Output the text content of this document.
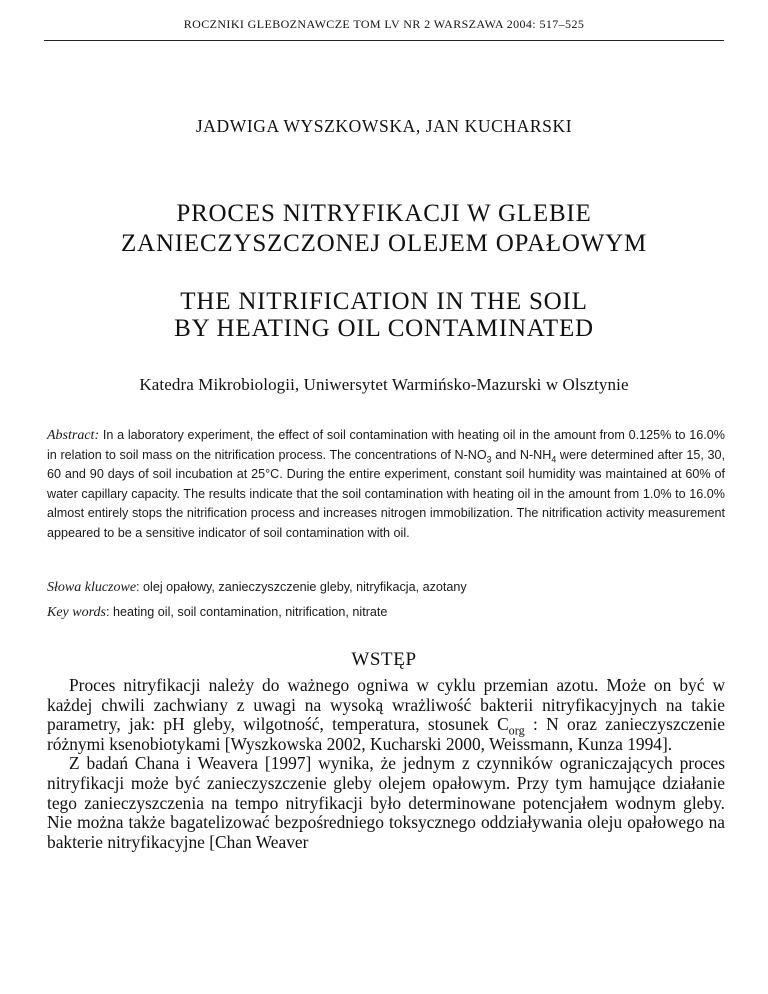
ROCZNIKI GLEBOZNAWCZE TOM LV NR 2 WARSZAWA 2004: 517–525
JADWIGA WYSZKOWSKA, JAN KUCHARSKI
PROCES NITRYFIKACJI W GLEBIE
ZANIECZYSZCZONEJ OLEJEM OPAŁOWYM
THE NITRIFICATION IN THE SOIL
BY HEATING OIL CONTAMINATED
Katedra Mikrobiologii, Uniwersytet Warmińsko-Mazurski w Olsztynie
Abstract: In a laboratory experiment, the effect of soil contamination with heating oil in the amount from 0.125% to 16.0% in relation to soil mass on the nitrification process. The concentrations of $N-NO_3$ and $N-NH_4$ were determined after 15, 30, 60 and 90 days of soil incubation at 25°C. During the entire experiment, constant soil humidity was maintained at 60% of water capillary capacity. The results indicate that the soil contamination with heating oil in the amount from 1.0% to 16.0% almost entirely stops the nitrification process and increases nitrogen immobilization. The nitrification activity measurement appeared to be a sensitive indicator of soil contamination with oil.
Słowa kluczowe: olej opałowy, zanieczyszczenie gleby, nitryfikacja, azotany
Key words: heating oil, soil contamination, nitrification, nitrate
WSTĘP

Proces nitryfikacji należy do ważnego ogniwa w cyklu przemian azotu. Może on być w każdej chwili zachwiany z uwagi na wysoką wrażliwość bakterii nitryfikacyjnych na takie parametry, jak: pH gleby, wilgotność, temperatura, stosunek $C_{org}$ : N oraz zanieczyszczenie różnymi ksenobiotykami [Wyszkowska 2002, Kucharski 2000, Weissmann, Kunza 1994].

Z badań Chana i Weavera [1997] wynika, że jednym z czynników ograniczających proces nitryfikacji może być zanieczyszczenie gleby olejem opałowym. Przy tym hamujące działanie tego zanieczyszczenia na tempo nitryfikacji było determinowane potencjałem wodnym gleby. Nie można także bagatelizować bezpośredniego toksycznego oddziaływania oleju opałowego na bakterie nitryfikacyjne [Chan Weaver
